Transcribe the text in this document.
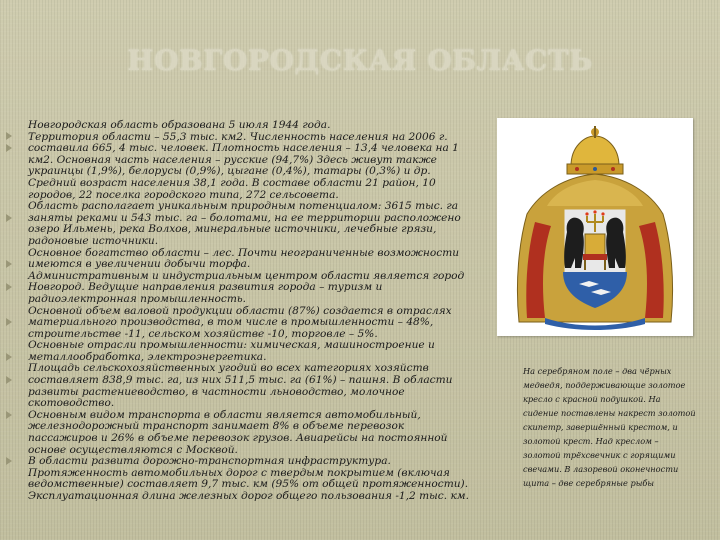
НОВГОРОДСКАЯ ОБЛАСТЬ

Новгородская область образована 5 июля 1944 года.

Территория области – 55,3 тыс. км2. Численность населения на 2006 г. составила 665, 4 тыс. человек. Плотность населения – 13,4 человека на 1 км2. Основная часть населения – русские (94,7%) Здесь живут также украинцы (1,9%), белорусы (0,9%), цыгане (0,4%), татары (0,3%) и др. Средний возраст населения 38,1 года. В составе области 21 район, 10 городов, 22 поселка городского типа, 272 сельсовета.

Область располагает уникальным природным потенциалом: 3615 тыс. га заняты реками и 543 тыс. га – болотами, на ее территории расположено озеро Ильмень, река Волхов, минеральные источники, лечебные грязи, радоновые источники.

Основное богатство области – лес. Почти неограниченные возможности имеются в увеличении добычи торфа.

Административным и индустриальным центром области является город Новгород. Ведущие направления развития города – туризм и радиоэлектронная промышленность.

Основной объем валовой продукции области (87%) создается в отраслях материального производства, в том числе в промышленности – 48%, строительстве -11, сельском хозяйстве -10, торговле – 5%.

Основные отрасли промышленности: химическая, машиностроение и металлообработка, электроэнергетика.

Площадь сельскохозяйственных угодий во всех категориях хозяйств составляет 838,9 тыс. га, из них 511,5 тыс. га (61%) – пашня. В области развиты растениеводство, в частности льноводство, молочное скотоводство.

Основным видом транспорта в области является автомобильный, железнодорожный транспорт занимает 8% в объеме перевозок пассажиров и 26% в объеме перевозок грузов. Авиарейсы на постоянной основе осуществляются с Москвой.

В области развита дорожно-транспортная инфраструктура. Протяженность автомобильных дорог с твердым покрытием (включая ведомственные) составляет 9,7 тыс. км (95% от общей протяженности). Эксплуатационная длина железных дорог общего пользования -1,2 тыс. км.

На серебряном поле – два чёрных медведя, поддерживающие золотое кресло с красной подушкой. На сидение поставлены накрест золотой скипетр, завершённый крестом, и золотой крест. Над креслом – золотой трёхсвечник с горящими свечами. В лазоревой оконечности щита – две серебряные рыбы
